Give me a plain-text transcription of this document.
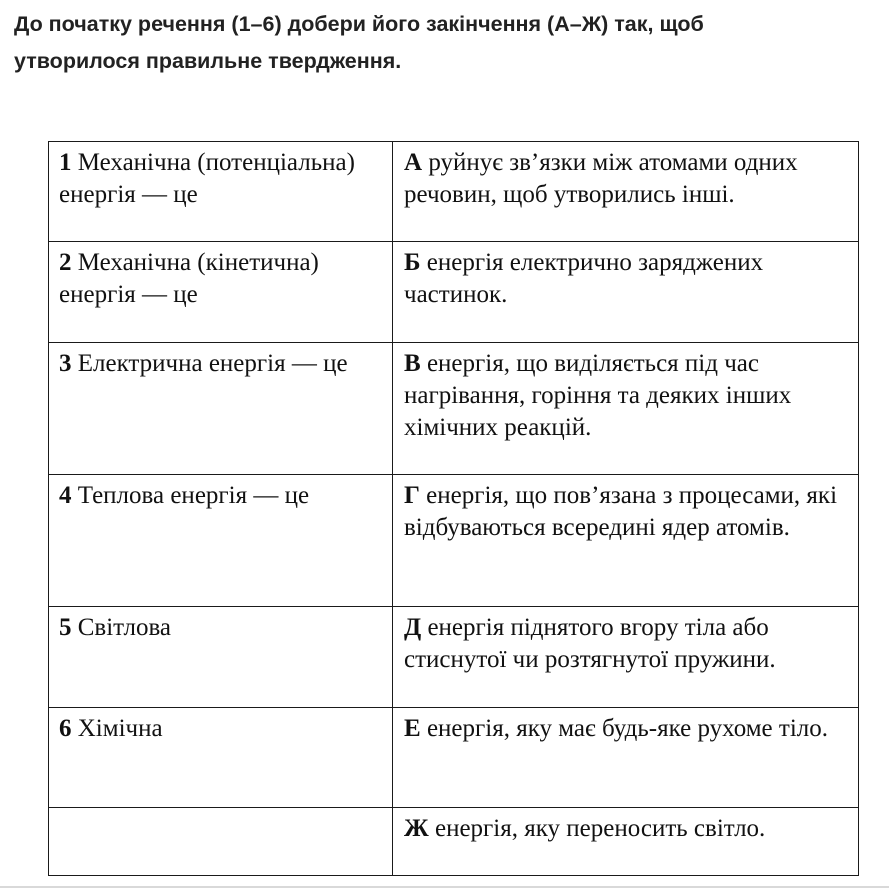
До початку речення (1–6) добери його закінчення (А–Ж) так, щоб
утворилося правильне твердження.
1 Механічна (потенціальна) енергія — це	А руйнує зв’язки між атомами одних речовин, щоб утворились інші.
2 Механічна (кінетична) енергія — це	Б енергія електрично заряджених частинок.
3 Електрична енергія — це	В енергія, що виділяється під час нагрівання, горіння та деяких інших хімічних реакцій.
4 Теплова енергія — це	Г енергія, що пов’язана з процесами, які відбуваються всередині ядер атомів.
5 Світлова	Д енергія піднятого вгору тіла або стиснутої чи розтягнутої пружини.
6 Хімічна	Е енергія, яку має будь-яке рухоме тіло.
	Ж енергія, яку переносить світло.
